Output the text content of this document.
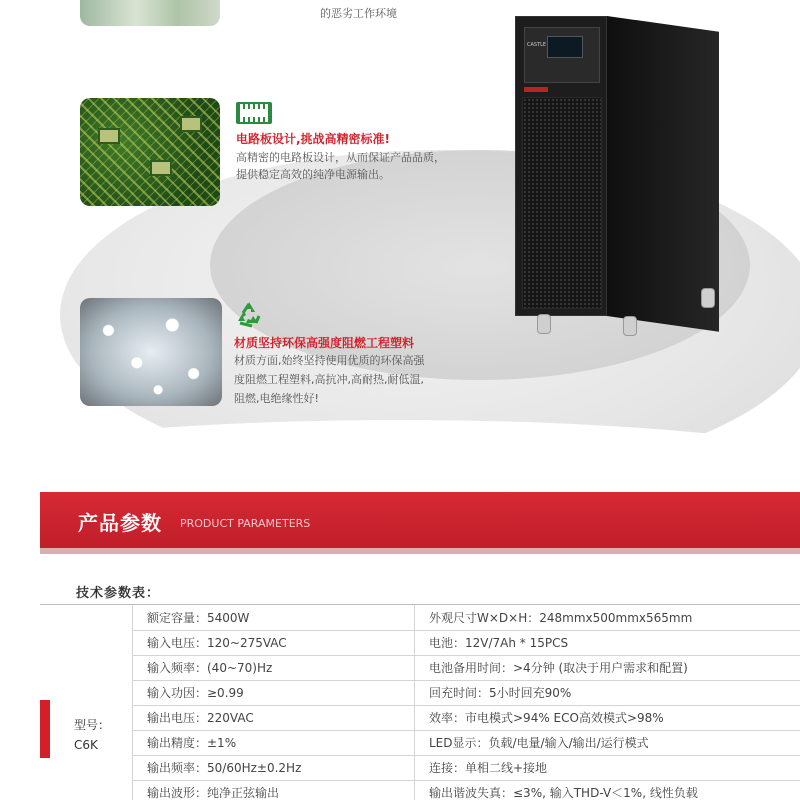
的恶劣工作环境
电路板设计,挑战高精密标准!
高精密的电路板设计，从而保证产品品质，
提供稳定高效的纯净电源输出。
材质坚持环保高强度阻燃工程塑料
材质方面,始终坚持使用优质的环保高强
度阻燃工程塑料,高抗冲,高耐热,耐低温,
阻燃,电绝缘性好!
CASTLE
产品参数 PRODUCT PARAMETERS
技术参数表：
型号：
C6K
额定容量：5400W	外观尺寸W×D×H：248mmx500mmx565mm
输入电压：120~275VAC	电池：12V/7Ah * 15PCS
输入频率：(40~70)Hz	电池备用时间：>4分钟 (取决于用户需求和配置)
输入功因：≥0.99	回充时间：5小时回充90%
输出电压：220VAC	效率：市电模式>94% ECO高效模式>98%
输出精度：±1%	LED显示：负载/电量/输入/输出/运行模式
输出频率：50/60Hz±0.2Hz	连接：单相二线+接地
输出波形：纯净正弦输出	输出谐波失真：≤3%, 输入THD-V＜1%, 线性负载
